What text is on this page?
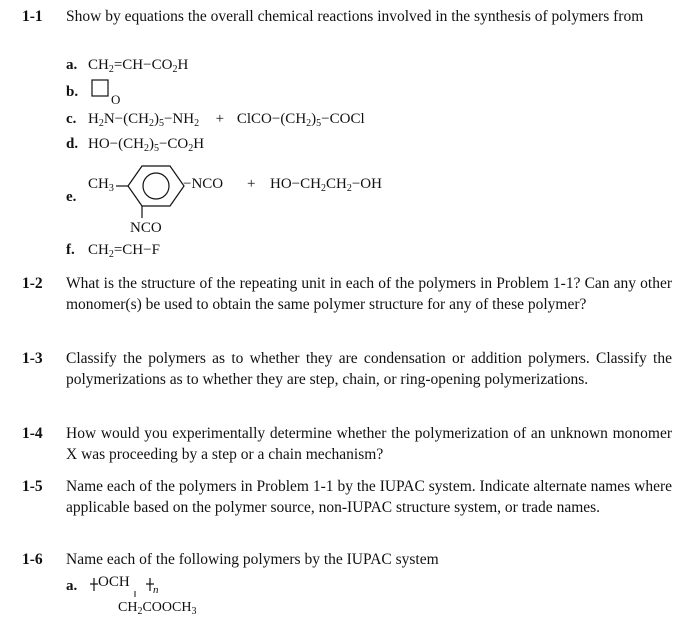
1-1 Show by equations the overall chemical reactions involved in the synthesis of polymers from
a. $CH_2=CH-CO_2H$
b.	O
c. $H_2N-(CH_2)_5-NH_2$ + $ClCO-(CH_2)_5-COCl$
d. $HO-(CH_2)_5-CO_2H$
e.
$CH_3$	$-NCO + HO-CH_2CH_2-OH$
NCO
f. $CH_2=CH-F$
1-2 What is the structure of the repeating unit in each of the polymers in Problem 1-1? Can any other monomer(s) be used to obtain the same polymer structure for any of these polymer?
1-3 Classify the polymers as to whether they are condensation or addition polymers. Classify the polymerizations as to whether they are step, chain, or ring-opening polymerizations.
1-4 How would you experimentally determine whether the polymerization of an unknown monomer X was proceeding by a step or a chain mechanism?
1-5 Name each of the polymers in Problem 1-1 by the IUPAC system. Indicate alternate names where applicable based on the polymer source, non-IUPAC structure system, or trade names.
1-6 Name each of the following polymers by the IUPAC system
a.	OCH n
$CH_2COOCH_3$
